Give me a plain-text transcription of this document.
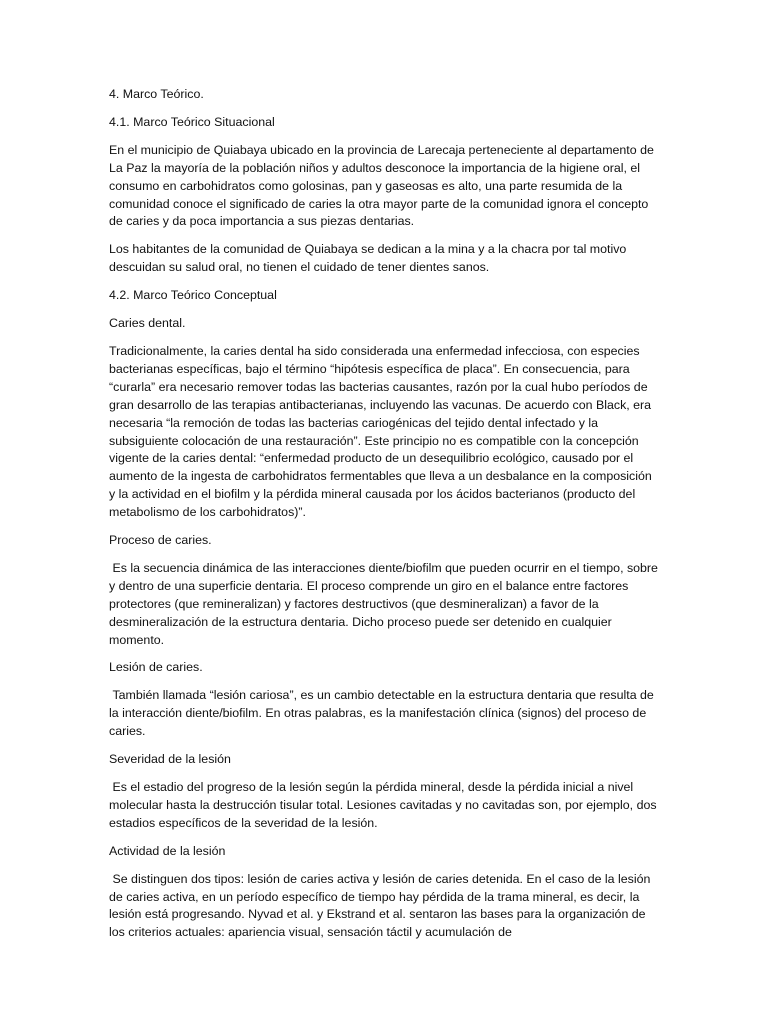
4. Marco Teórico.

4.1. Marco Teórico Situacional

En el municipio de Quiabaya ubicado en la provincia de Larecaja perteneciente al departamento de La Paz la mayoría de la población niños y adultos desconoce la importancia de la higiene oral, el consumo en carbohidratos como golosinas, pan y gaseosas es alto, una parte resumida de la comunidad conoce el significado de caries la otra mayor parte de la comunidad ignora el concepto de caries y da poca importancia a sus piezas dentarias.

Los habitantes de la comunidad de Quiabaya se dedican a la mina y a la chacra por tal motivo descuidan su salud oral, no tienen el cuidado de tener dientes sanos.

4.2. Marco Teórico Conceptual

Caries dental.

Tradicionalmente, la caries dental ha sido considerada una enfermedad infecciosa, con especies bacterianas específicas, bajo el término “hipótesis específica de placa”. En consecuencia, para “curarla” era necesario remover todas las bacterias causantes, razón por la cual hubo períodos de gran desarrollo de las terapias antibacterianas, incluyendo las vacunas. De acuerdo con Black, era necesaria “la remoción de todas las bacterias cariogénicas del tejido dental infectado y la subsiguiente colocación de una restauración”. Este principio no es compatible con la concepción vigente de la caries dental: “enfermedad producto de un desequilibrio ecológico, causado por el aumento de la ingesta de carbohidratos fermentables que lleva a un desbalance en la composición y la actividad en el biofilm y la pérdida mineral causada por los ácidos bacterianos (producto del metabolismo de los carbohidratos)”.

Proceso de caries.

Es la secuencia dinámica de las interacciones diente/biofilm que pueden ocurrir en el tiempo, sobre y dentro de una superficie dentaria. El proceso comprende un giro en el balance entre factores protectores (que remineralizan) y factores destructivos (que desmineralizan) a favor de la desmineralización de la estructura dentaria. Dicho proceso puede ser detenido en cualquier momento.

Lesión de caries.

También llamada “lesión cariosa”, es un cambio detectable en la estructura dentaria que resulta de la interacción diente/biofilm. En otras palabras, es la manifestación clínica (signos) del proceso de caries.

Severidad de la lesión

Es el estadio del progreso de la lesión según la pérdida mineral, desde la pérdida inicial a nivel molecular hasta la destrucción tisular total. Lesiones cavitadas y no cavitadas son, por ejemplo, dos estadios específicos de la severidad de la lesión.

Actividad de la lesión

Se distinguen dos tipos: lesión de caries activa y lesión de caries detenida. En el caso de la lesión de caries activa, en un período específico de tiempo hay pérdida de la trama mineral, es decir, la lesión está progresando. Nyvad et al. y Ekstrand et al. sentaron las bases para la organización de los criterios actuales: apariencia visual, sensación táctil y acumulación de
